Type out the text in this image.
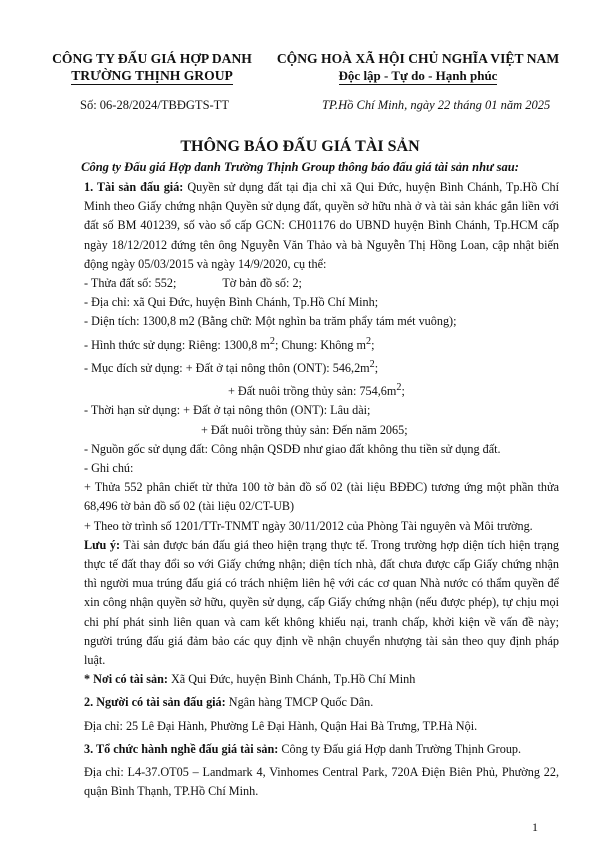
CÔNG TY ĐẤU GIÁ HỢP DANH
TRƯỜNG THỊNH GROUP
CỘNG HOÀ XÃ HỘI CHỦ NGHĨA VIỆT NAM
Độc lập - Tự do - Hạnh phúc
Số: 06-28/2024/TBĐGTS-TT	TP.Hồ Chí Minh, ngày 22 tháng 01 năm 2025
THÔNG BÁO ĐẤU GIÁ TÀI SẢN
Công ty Đấu giá Hợp danh Trường Thịnh Group thông báo đấu giá tài sản như sau:

1. Tài sản đấu giá: Quyền sử dụng đất tại địa chỉ xã Qui Đức, huyện Bình Chánh, Tp.Hồ Chí Minh theo Giấy chứng nhận Quyền sử dụng đất, quyền sở hữu nhà ở và tài sản khác gắn liền với đất số BM 401239, số vào sổ cấp GCN: CH01176 do UBND huyện Bình Chánh, Tp.HCM cấp ngày 18/12/2012 đứng tên ông Nguyễn Văn Thảo và bà Nguyễn Thị Hồng Loan, cập nhật biến động ngày 05/03/2015 và ngày 14/9/2020, cụ thể:

- Thửa đất số: 552;	Tờ bản đồ số: 2;

- Địa chỉ: xã Qui Đức, huyện Bình Chánh, Tp.Hồ Chí Minh;

- Diện tích: 1300,8 m2 (Bằng chữ: Một nghìn ba trăm phẩy tám mét vuông);

- Hình thức sử dụng: Riêng: 1300,8 $m^2$; Chung: Không $m^2$;

- Mục đích sử dụng: + Đất ở tại nông thôn (ONT): $546,2m^2$;

+ Đất nuôi trồng thủy sản: $754,6m^2$;

- Thời hạn sử dụng: + Đất ở tại nông thôn (ONT): Lâu dài;

+ Đất nuôi trồng thủy sản: Đến năm 2065;

- Nguồn gốc sử dụng đất: Công nhận QSDĐ như giao đất không thu tiền sử dụng đất.

- Ghi chú:

+ Thửa 552 phân chiết từ thửa 100 tờ bản đồ số 02 (tài liệu BĐĐC) tương ứng một phần thửa 68,496 tờ bản đồ số 02 (tài liệu 02/CT-UB)

+ Theo tờ trình số 1201/TTr-TNMT ngày 30/11/2012 của Phòng Tài nguyên và Môi trường.

Lưu ý: Tài sản được bán đấu giá theo hiện trạng thực tế. Trong trường hợp diện tích hiện trạng thực tế đất thay đổi so với Giấy chứng nhận; diện tích nhà, đất chưa được cấp Giấy chứng nhận thì người mua trúng đấu giá có trách nhiệm liên hệ với các cơ quan Nhà nước có thẩm quyền để xin công nhận quyền sở hữu, quyền sử dụng, cấp Giấy chứng nhận (nếu được phép), tự chịu mọi chi phí phát sinh liên quan và cam kết không khiếu nại, tranh chấp, khởi kiện về vấn đề này; người trúng đấu giá đảm bảo các quy định về nhận chuyển nhượng tài sản theo quy định pháp luật.

* Nơi có tài sản: Xã Qui Đức, huyện Bình Chánh, Tp.Hồ Chí Minh

2. Người có tài sản đấu giá: Ngân hàng TMCP Quốc Dân.

Địa chỉ: 25 Lê Đại Hành, Phường Lê Đại Hành, Quận Hai Bà Trưng, TP.Hà Nội.

3. Tổ chức hành nghề đấu giá tài sản: Công ty Đấu giá Hợp danh Trường Thịnh Group.

Địa chỉ: L4-37.OT05 – Landmark 4, Vinhomes Central Park, 720A Điện Biên Phủ, Phường 22, quận Bình Thạnh, TP.Hồ Chí Minh.

1
